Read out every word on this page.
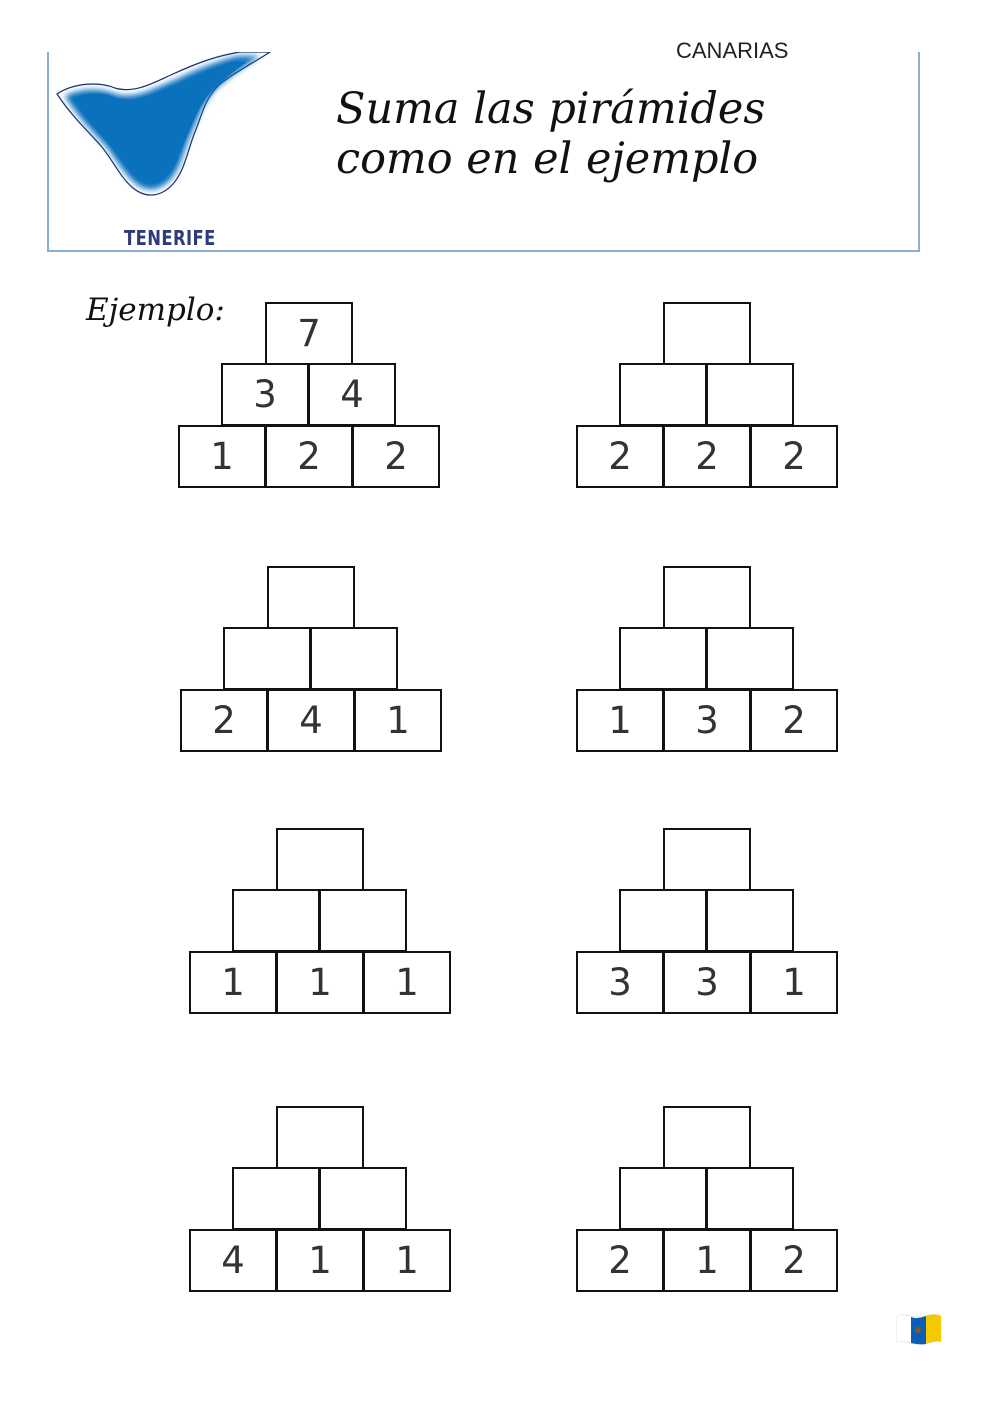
TENERIFE
CANARIAS
Suma las pirámides
como en el ejemplo
Ejemplo:
7
3	4
1	2	2	2	2	2
2	4	1	1	3	2
1	1	1	3	3	1
4	1	1	2	1	2
